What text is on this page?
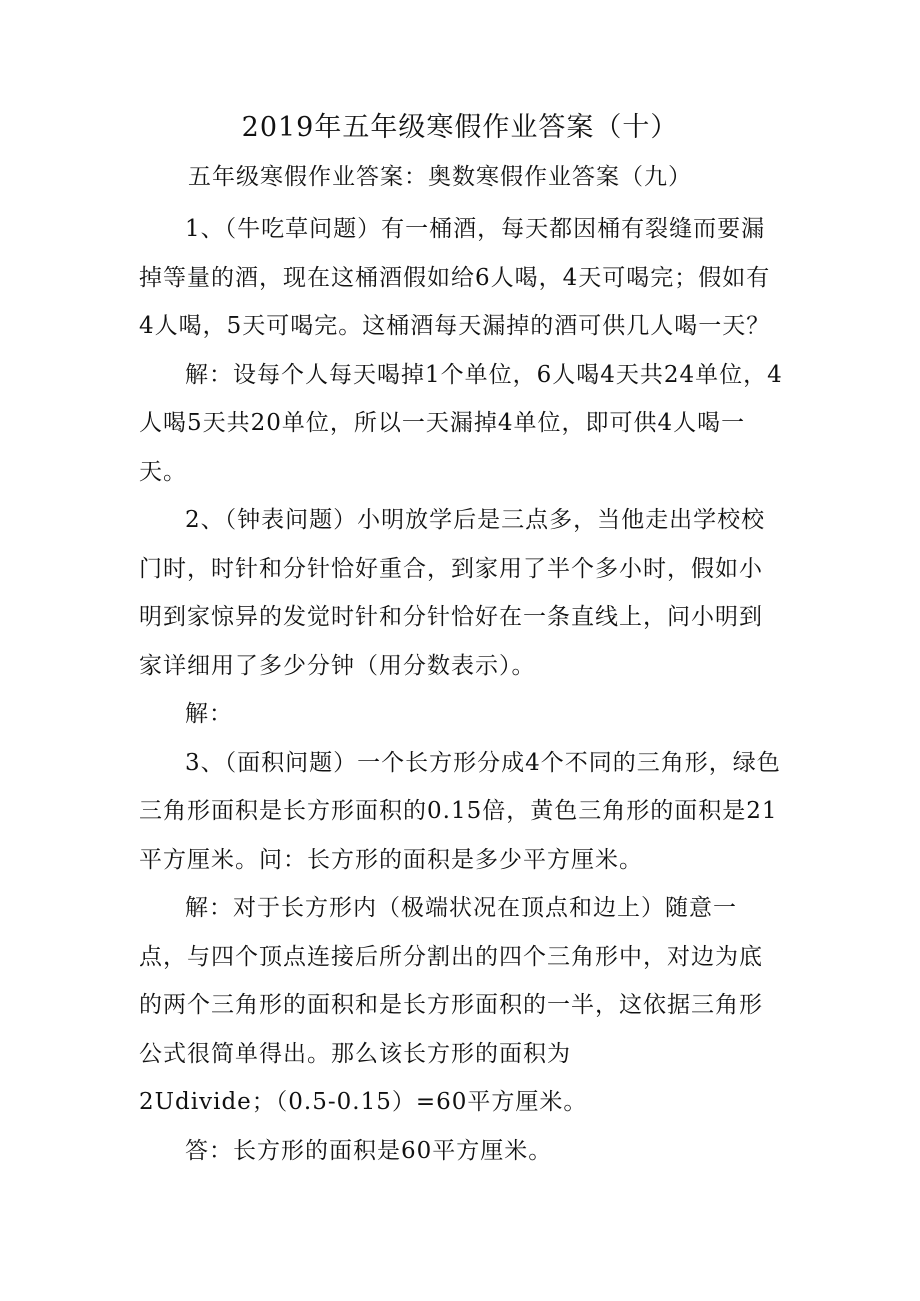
2019年五年级寒假作业答案（十）
五年级寒假作业答案：奥数寒假作业答案（九）

1、（牛吃草问题）有一桶酒，每天都因桶有裂缝而要漏掉等量的酒，现在这桶酒假如给6人喝，4天可喝完；假如有4人喝，5天可喝完。这桶酒每天漏掉的酒可供几人喝一天？

解：设每个人每天喝掉1个单位，6人喝4天共24单位，4人喝5天共20单位，所以一天漏掉4单位，即可供4人喝一天。

2、（钟表问题）小明放学后是三点多，当他走出学校校门时，时针和分针恰好重合，到家用了半个多小时，假如小明到家惊异的发觉时针和分针恰好在一条直线上，问小明到家详细用了多少分钟（用分数表示）。

解：

3、（面积问题）一个长方形分成4个不同的三角形，绿色三角形面积是长方形面积的0.15倍，黄色三角形的面积是21平方厘米。问：长方形的面积是多少平方厘米。

解：对于长方形内（极端状况在顶点和边上）随意一点，与四个顶点连接后所分割出的四个三角形中，对边为底的两个三角形的面积和是长方形面积的一半，这依据三角形公式很简单得出。那么该长方形的面积为

2Udivide；（0.5-0.15）=60平方厘米。

答：长方形的面积是60平方厘米。
